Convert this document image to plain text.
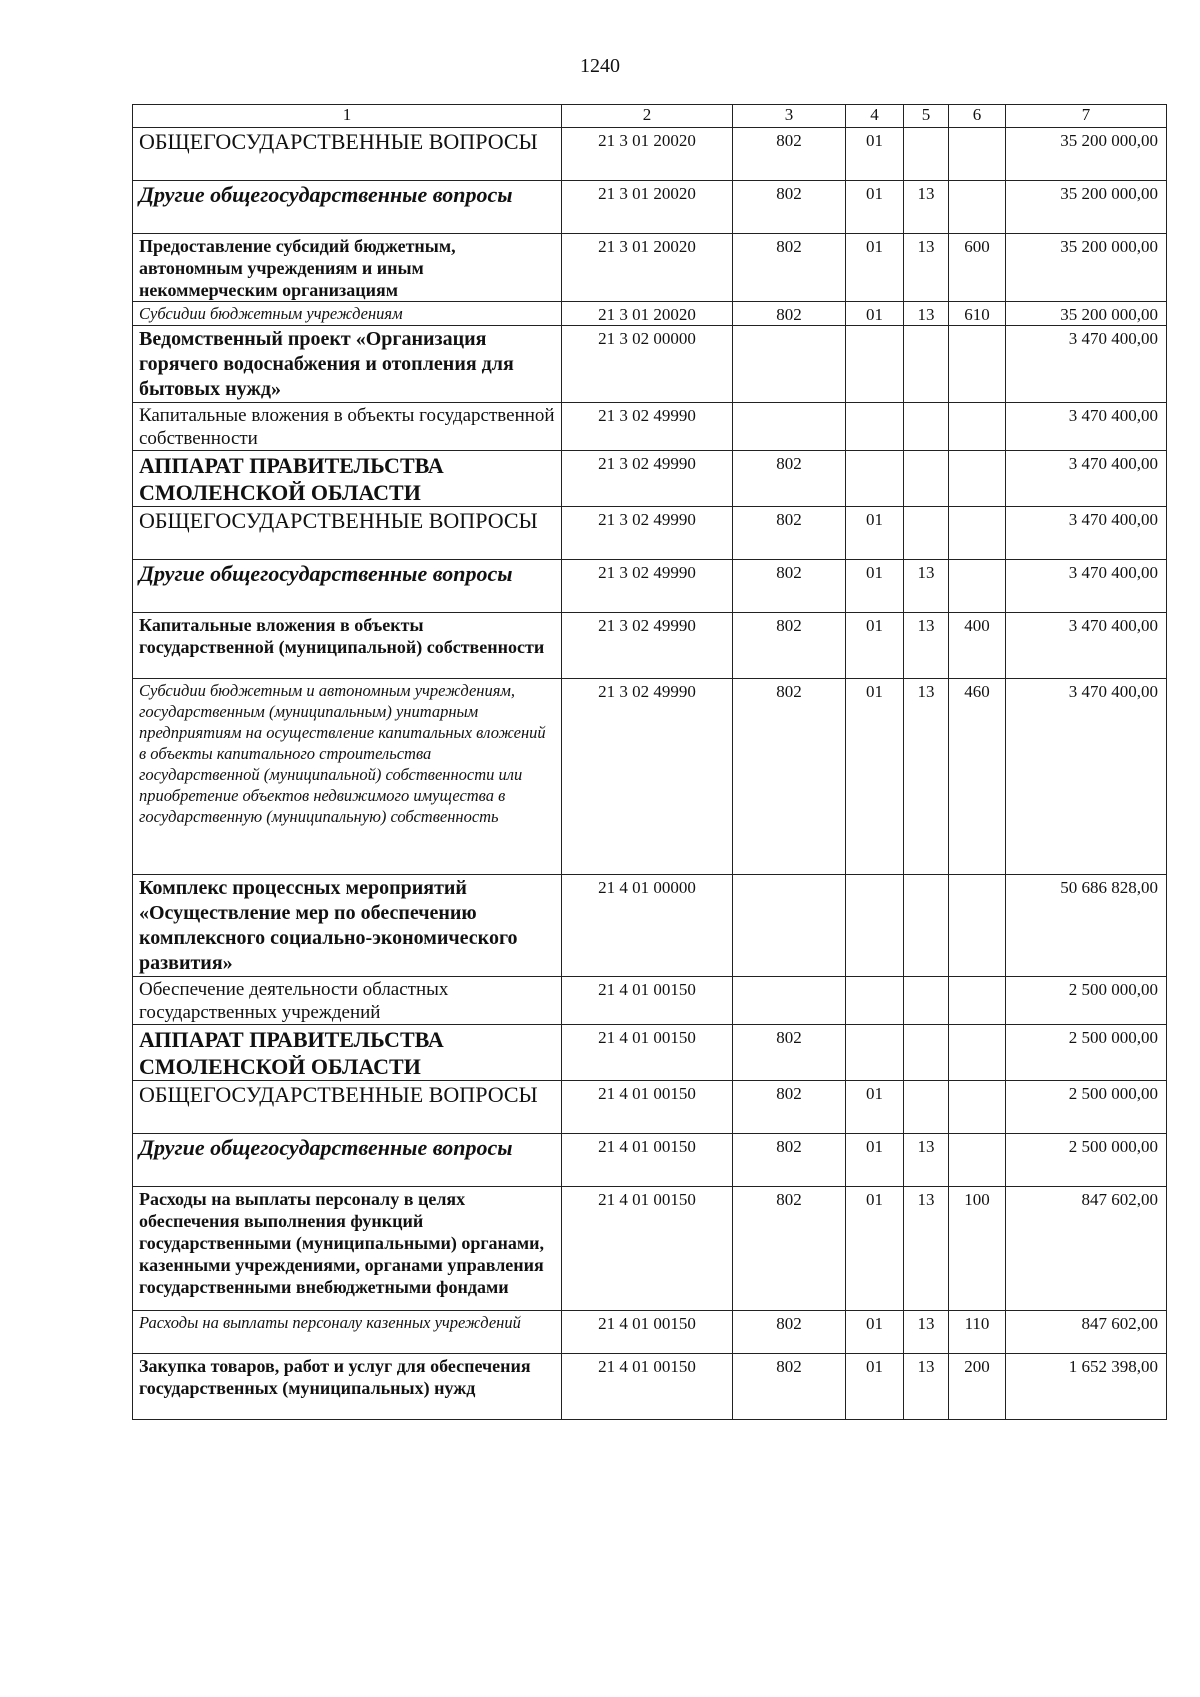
1240
1	2	3	4	5	6	7
ОБЩЕГОСУДАРСТВЕННЫЕ ВОПРОСЫ	21 3 01 20020	802	01			35 200 000,00
Другие общегосударственные вопросы	21 3 01 20020	802	01	13		35 200 000,00
Предоставление субсидий бюджетным, автономным учреждениям и иным некоммерческим организациям	21 3 01 20020	802	01	13	600	35 200 000,00
Субсидии бюджетным учреждениям	21 3 01 20020	802	01	13	610	35 200 000,00
Ведомственный проект «Организация горячего водоснабжения и отопления для бытовых нужд»	21 3 02 00000					3 470 400,00
Капитальные вложения в объекты государственной собственности	21 3 02 49990					3 470 400,00
АППАРАТ ПРАВИТЕЛЬСТВА СМОЛЕНСКОЙ ОБЛАСТИ	21 3 02 49990	802				3 470 400,00
ОБЩЕГОСУДАРСТВЕННЫЕ ВОПРОСЫ	21 3 02 49990	802	01			3 470 400,00
Другие общегосударственные вопросы	21 3 02 49990	802	01	13		3 470 400,00
Капитальные вложения в объекты государственной (муниципальной) собственности	21 3 02 49990	802	01	13	400	3 470 400,00
Субсидии бюджетным и автономным учреждениям, государственным (муниципальным) унитарным предприятиям на осуществление капитальных вложений в объекты капитального строительства государственной (муниципальной) собственности или приобретение объектов недвижимого имущества в государственную (муниципальную) собственность	21 3 02 49990	802	01	13	460	3 470 400,00
Комплекс процессных мероприятий «Осуществление мер по обеспечению комплексного социально-экономического развития»	21 4 01 00000					50 686 828,00
Обеспечение деятельности областных государственных учреждений	21 4 01 00150					2 500 000,00
АППАРАТ ПРАВИТЕЛЬСТВА СМОЛЕНСКОЙ ОБЛАСТИ	21 4 01 00150	802				2 500 000,00
ОБЩЕГОСУДАРСТВЕННЫЕ ВОПРОСЫ	21 4 01 00150	802	01			2 500 000,00
Другие общегосударственные вопросы	21 4 01 00150	802	01	13		2 500 000,00
Расходы на выплаты персоналу в целях обеспечения выполнения функций государственными (муниципальными) органами, казенными учреждениями, органами управления государственными внебюджетными фондами	21 4 01 00150	802	01	13	100	847 602,00
Расходы на выплаты персоналу казенных учреждений	21 4 01 00150	802	01	13	110	847 602,00
Закупка товаров, работ и услуг для обеспечения государственных (муниципальных) нужд	21 4 01 00150	802	01	13	200	1 652 398,00
